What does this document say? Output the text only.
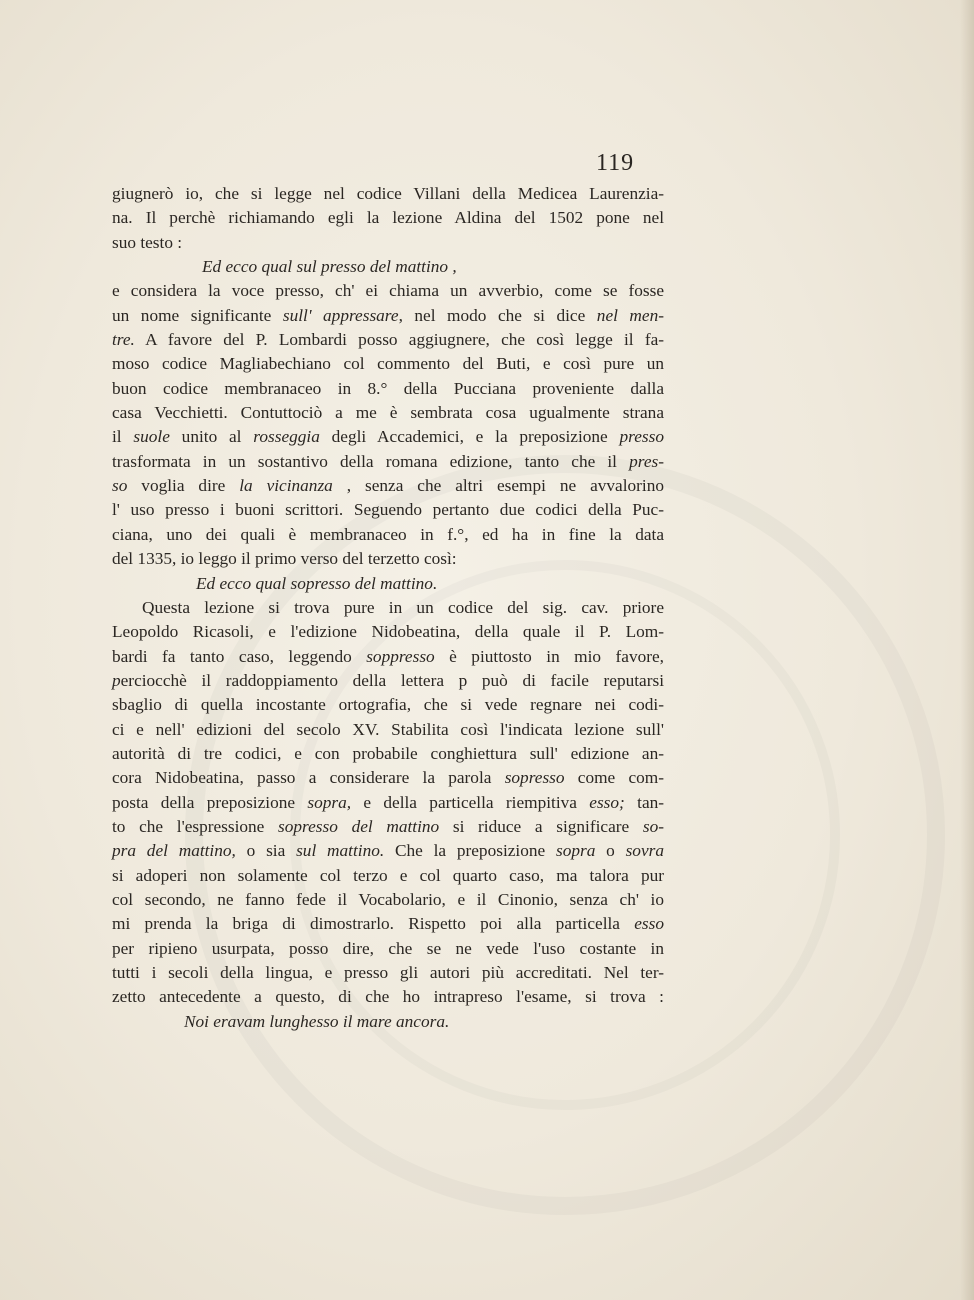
119
giugnerò io, che si legge nel codice Villani della Medicea Laurenzia-
na. Il perchè richiamando egli la lezione Aldina del 1502 pone nel
suo testo :
Ed ecco qual sul presso del mattino ,
e considera la voce presso, ch' ei chiama un avverbio, come se fosse
un nome significante sull' appressare, nel modo che si dice nel men-
tre. A favore del P. Lombardi posso aggiugnere, che così legge il fa-
moso codice Magliabechiano col commento del Buti, e così pure un
buon codice membranaceo in 8.° della Pucciana proveniente dalla
casa Vecchietti. Contuttociò a me è sembrata cosa ugualmente strana
il suole unito al rosseggia degli Accademici, e la preposizione presso
trasformata in un sostantivo della romana edizione, tanto che il pres-
so voglia dire la vicinanza , senza che altri esempi ne avvalorino
l' uso presso i buoni scrittori. Seguendo pertanto due codici della Puc-
ciana, uno dei quali è membranaceo in f.°, ed ha in fine la data
del 1335, io leggo il primo verso del terzetto così:
Ed ecco qual sopresso del mattino.
Questa lezione si trova pure in un codice del sig. cav. priore
Leopoldo Ricasoli, e l'edizione Nidobeatina, della quale il P. Lom-
bardi fa tanto caso, leggendo soppresso è piuttosto in mio favore,
perciocchè il raddoppiamento della lettera p può di facile reputarsi
sbaglio di quella incostante ortografia, che si vede regnare nei codi-
ci e nell' edizioni del secolo XV. Stabilita così l'indicata lezione sull'
autorità di tre codici, e con probabile conghiettura sull' edizione an-
cora Nidobeatina, passo a considerare la parola sopresso come com-
posta della preposizione sopra, e della particella riempitiva esso; tan-
to che l'espressione sopresso del mattino si riduce a significare so-
pra del mattino, o sia sul mattino. Che la preposizione sopra o sovra
si adoperi non solamente col terzo e col quarto caso, ma talora pur
col secondo, ne fanno fede il Vocabolario, e il Cinonio, senza ch' io
mi prenda la briga di dimostrarlo. Rispetto poi alla particella esso
per ripieno usurpata, posso dire, che se ne vede l'uso costante in
tutti i secoli della lingua, e presso gli autori più accreditati. Nel ter-
zetto antecedente a questo, di che ho intrapreso l'esame, si trova :
Noi eravam lunghesso il mare ancora.
